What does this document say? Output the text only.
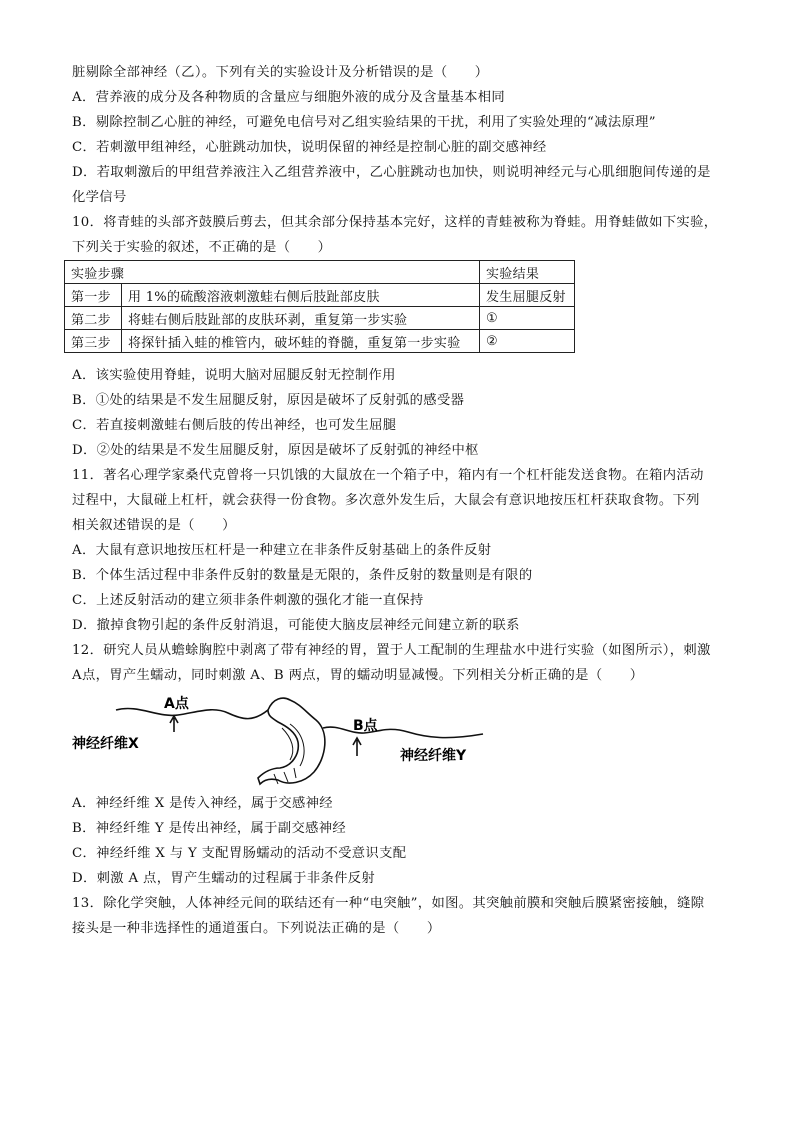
脏剔除全部神经（乙）。下列有关的实验设计及分析错误的是（　　）
A．营养液的成分及各种物质的含量应与细胞外液的成分及含量基本相同
B．剔除控制乙心脏的神经，可避免电信号对乙组实验结果的干扰，利用了实验处理的“减法原理”
C．若刺激甲组神经，心脏跳动加快，说明保留的神经是控制心脏的副交感神经
D．若取刺激后的甲组营养液注入乙组营养液中，乙心脏跳动也加快，则说明神经元与心肌细胞间传递的是
化学信号
10．将青蛙的头部齐鼓膜后剪去，但其余部分保持基本完好，这样的青蛙被称为脊蛙。用脊蛙做如下实验，
下列关于实验的叙述，不正确的是（　　）
实验步骤		实验结果
第一步	用 1%的硫酸溶液刺激蛙右侧后肢趾部皮肤	发生屈腿反射
第二步	将蛙右侧后肢趾部的皮肤环剥，重复第一步实验	①
第三步	将探针插入蛙的椎管内，破坏蛙的脊髓，重复第一步实验	②
A．该实验使用脊蛙，说明大脑对屈腿反射无控制作用
B．①处的结果是不发生屈腿反射，原因是破坏了反射弧的感受器
C．若直接刺激蛙右侧后肢的传出神经，也可发生屈腿
D．②处的结果是不发生屈腿反射，原因是破坏了反射弧的神经中枢
11．著名心理学家桑代克曾将一只饥饿的大鼠放在一个箱子中，箱内有一个杠杆能发送食物。在箱内活动
过程中，大鼠碰上杠杆，就会获得一份食物。多次意外发生后，大鼠会有意识地按压杠杆获取食物。下列
相关叙述错误的是（　　）
A．大鼠有意识地按压杠杆是一种建立在非条件反射基础上的条件反射
B．个体生活过程中非条件反射的数量是无限的，条件反射的数量则是有限的
C．上述反射活动的建立须非条件刺激的强化才能一直保持
D．撤掉食物引起的条件反射消退，可能使大脑皮层神经元间建立新的联系
12．研究人员从蟾蜍胸腔中剥离了带有神经的胃，置于人工配制的生理盐水中进行实验（如图所示），刺激
A点，胃产生蠕动，同时刺激 A、B 两点，胃的蠕动明显减慢。下列相关分析正确的是（　　）
A点
B点
神经纤维X
神经纤维Y
A．神经纤维 X 是传入神经，属于交感神经
B．神经纤维 Y 是传出神经，属于副交感神经
C．神经纤维 X 与 Y 支配胃肠蠕动的活动不受意识支配
D．刺激 A 点，胃产生蠕动的过程属于非条件反射
13．除化学突触，人体神经元间的联结还有一种“电突触”，如图。其突触前膜和突触后膜紧密接触，缝隙
接头是一种非选择性的通道蛋白。下列说法正确的是（　　）
